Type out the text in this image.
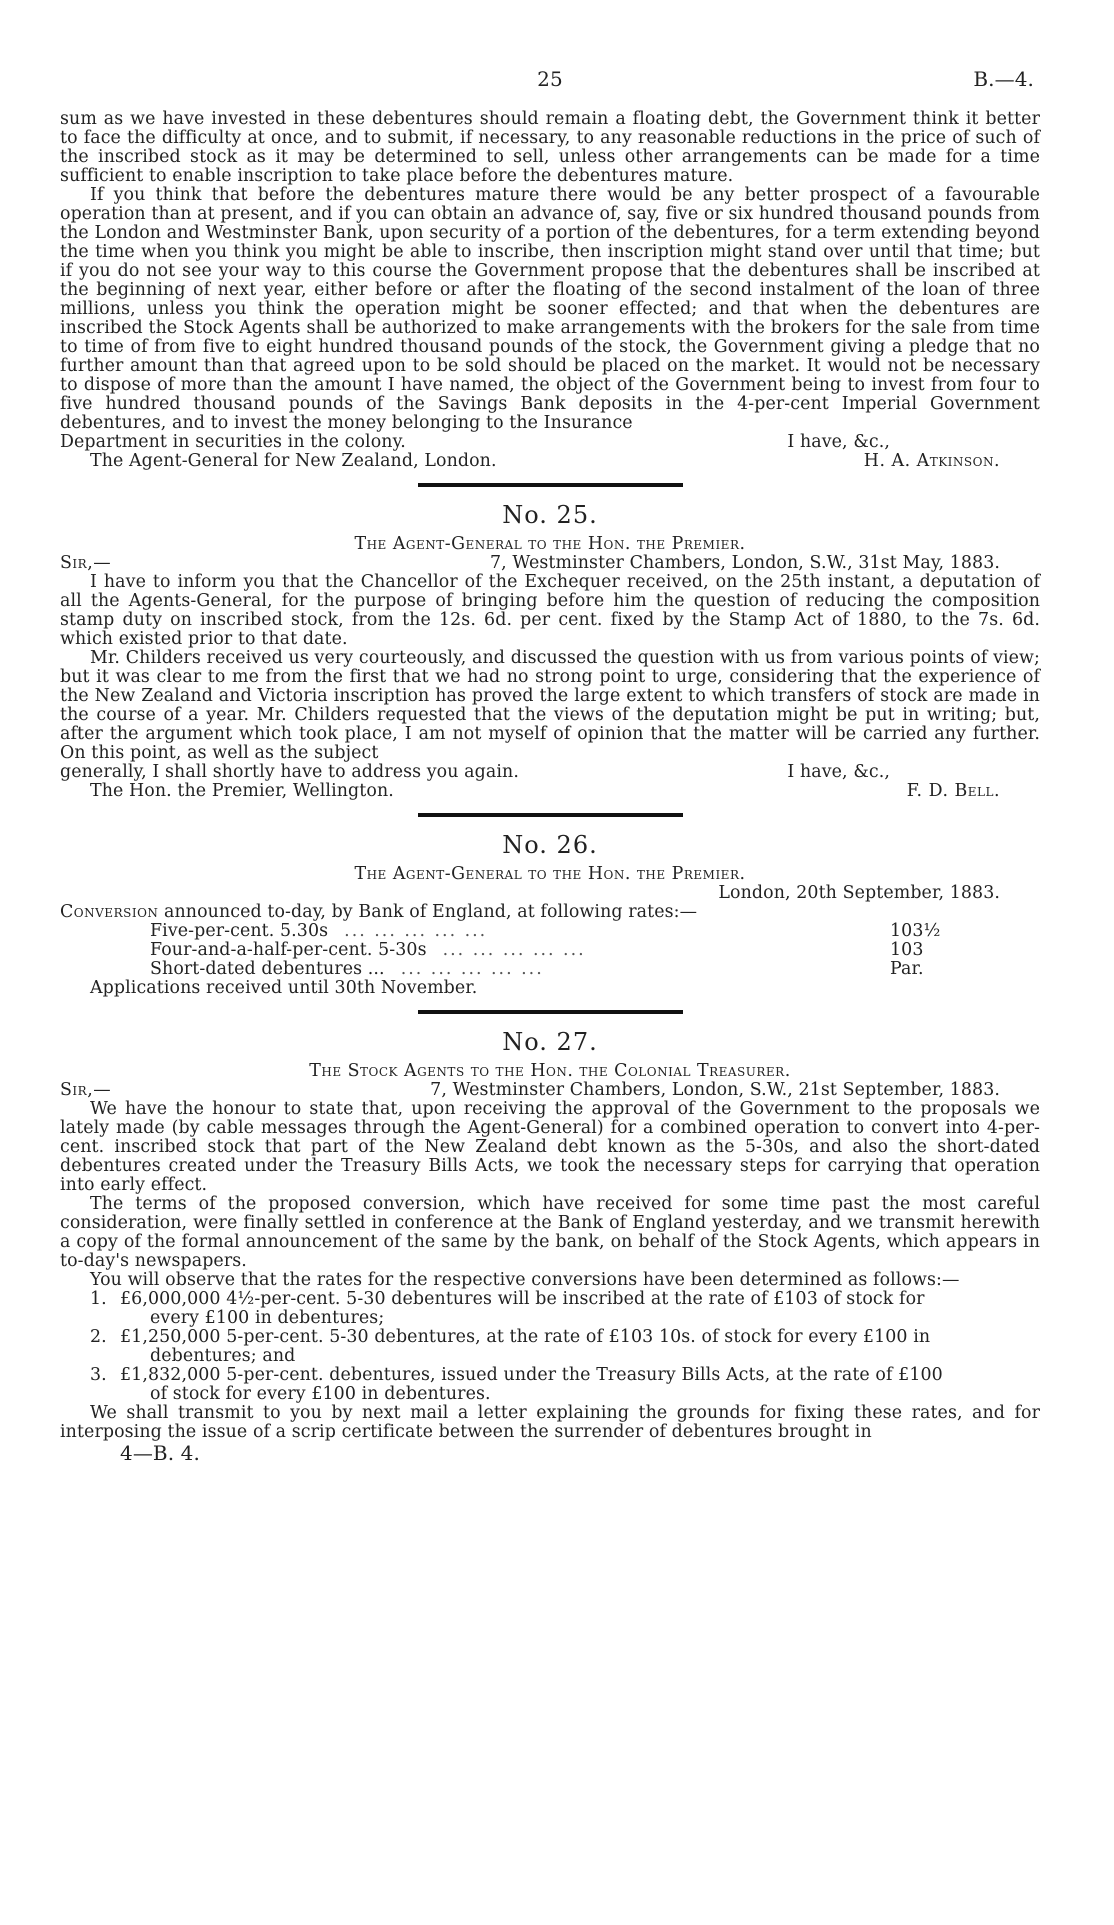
25	B.—4.

sum as we have invested in these debentures should remain a floating debt, the Government think it better to face the difficulty at once, and to submit, if necessary, to any reasonable reductions in the price of such of the inscribed stock as it may be determined to sell, unless other arrangements can be made for a time sufficient to enable inscription to take place before the debentures mature.

If you think that before the debentures mature there would be any better prospect of a favourable operation than at present, and if you can obtain an advance of, say, five or six hundred thousand pounds from the London and Westminster Bank, upon security of a portion of the debentures, for a term extending beyond the time when you think you might be able to inscribe, then inscription might stand over until that time; but if you do not see your way to this course the Government propose that the debentures shall be inscribed at the beginning of next year, either before or after the floating of the second instalment of the loan of three millions, unless you think the operation might be sooner effected; and that when the debentures are inscribed the Stock Agents shall be authorized to make arrangements with the brokers for the sale from time to time of from five to eight hundred thousand pounds of the stock, the Government giving a pledge that no further amount than that agreed upon to be sold should be placed on the market. It would not be necessary to dispose of more than the amount I have named, the object of the Government being to invest from four to five hundred thousand pounds of the Savings Bank deposits in the 4-per-cent Imperial Government debentures, and to invest the money belonging to the Insurance

Department in securities in the colony.	I have, &c.,
The Agent-General for New Zealand, London.	H. A. Atkinson.
No. 25.
The Agent-General to the Hon. the Premier.
Sir,—	7, Westminster Chambers, London, S.W., 31st May, 1883.

I have to inform you that the Chancellor of the Exchequer received, on the 25th instant, a deputation of all the Agents-General, for the purpose of bringing before him the question of reducing the composition stamp duty on inscribed stock, from the 12s. 6d. per cent. fixed by the Stamp Act of 1880, to the 7s. 6d. which existed prior to that date.

Mr. Childers received us very courteously, and discussed the question with us from various points of view; but it was clear to me from the first that we had no strong point to urge, considering that the experience of the New Zealand and Victoria inscription has proved the large extent to which transfers of stock are made in the course of a year. Mr. Childers requested that the views of the deputation might be put in writing; but, after the argument which took place, I am not myself of opinion that the matter will be carried any further. On this point, as well as the subject

generally, I shall shortly have to address you again.	I have, &c.,
The Hon. the Premier, Wellington.	F. D. Bell.
No. 26.
The Agent-General to the Hon. the Premier.
London, 20th September, 1883.

Conversion announced to-day, by Bank of England, at following rates:—

Five-per-cent. 5.30s ... ... ... ... ...	103½
Four-and-a-half-per-cent. 5-30s ... ... ... ... ...	103
Short-dated debentures ... ... ... ... ... ...	Par.

Applications received until 30th November.

No. 27.
The Stock Agents to the Hon. the Colonial Treasurer.
Sir,—	7, Westminster Chambers, London, S.W., 21st September, 1883.

We have the honour to state that, upon receiving the approval of the Government to the proposals we lately made (by cable messages through the Agent-General) for a combined operation to convert into 4-per-cent. inscribed stock that part of the New Zealand debt known as the 5-30s, and also the short-dated debentures created under the Treasury Bills Acts, we took the necessary steps for carrying that operation into early effect.

The terms of the proposed conversion, which have received for some time past the most careful consideration, were finally settled in conference at the Bank of England yesterday, and we transmit herewith a copy of the formal announcement of the same by the bank, on behalf of the Stock Agents, which appears in to-day's newspapers.

You will observe that the rates for the respective conversions have been determined as follows:—

1. £6,000,000 4½-per-cent. 5-30 debentures will be inscribed at the rate of £103 of stock for
every £100 in debentures;
2. £1,250,000 5-per-cent. 5-30 debentures, at the rate of £103 10s. of stock for every £100 in
debentures; and
3. £1,832,000 5-per-cent. debentures, issued under the Treasury Bills Acts, at the rate of £100
of stock for every £100 in debentures.

We shall transmit to you by next mail a letter explaining the grounds for fixing these rates, and for interposing the issue of a scrip certificate between the surrender of debentures brought in

4—B. 4.
